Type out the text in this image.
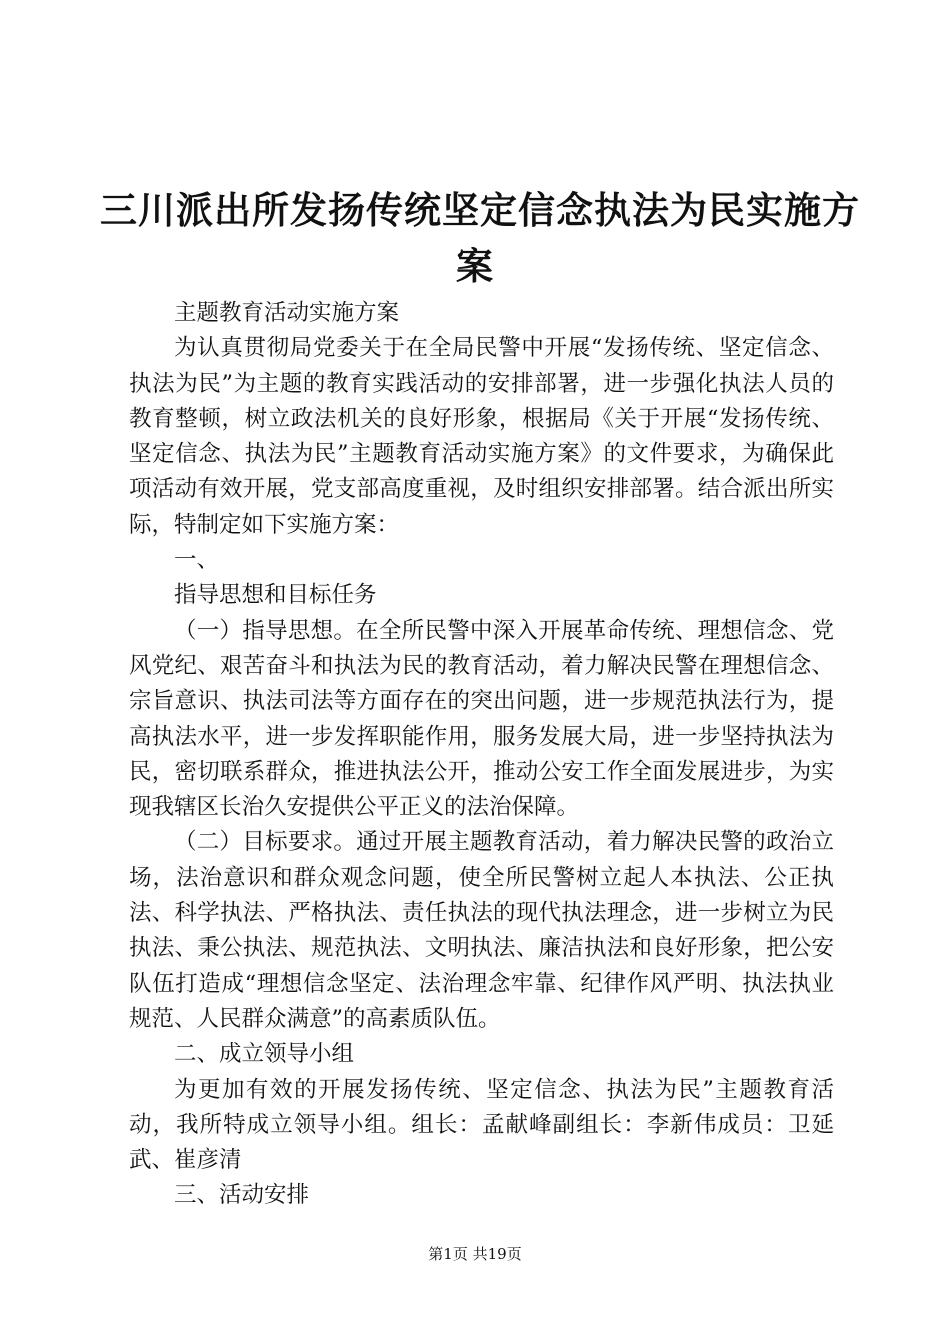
三川派出所发扬传统坚定信念执法为民实施方
案

主题教育活动实施方案

为认真贯彻局党委关于在全局民警中开展“发扬传统、坚定信念、执法为民”为主题的教育实践活动的安排部署，进一步强化执法人员的教育整顿，树立政法机关的良好形象，根据局《关于开展“发扬传统、坚定信念、执法为民”主题教育活动实施方案》的文件要求，为确保此项活动有效开展，党支部高度重视，及时组织安排部署。结合派出所实际，特制定如下实施方案：

一、

指导思想和目标任务

（一）指导思想。在全所民警中深入开展革命传统、理想信念、党风党纪、艰苦奋斗和执法为民的教育活动，着力解决民警在理想信念、宗旨意识、执法司法等方面存在的突出问题，进一步规范执法行为，提高执法水平，进一步发挥职能作用，服务发展大局，进一步坚持执法为民，密切联系群众，推进执法公开，推动公安工作全面发展进步，为实现我辖区长治久安提供公平正义的法治保障。

（二）目标要求。通过开展主题教育活动，着力解决民警的政治立场，法治意识和群众观念问题，使全所民警树立起人本执法、公正执法、科学执法、严格执法、责任执法的现代执法理念，进一步树立为民执法、秉公执法、规范执法、文明执法、廉洁执法和良好形象，把公安队伍打造成“理想信念坚定、法治理念牢靠、纪律作风严明、执法执业规范、人民群众满意”的高素质队伍。

二、成立领导小组

为更加有效的开展发扬传统、坚定信念、执法为民”主题教育活动，我所特成立领导小组。组长：孟献峰副组长：李新伟成员：卫延武、崔彦清

三、活动安排

第1页 共19页
